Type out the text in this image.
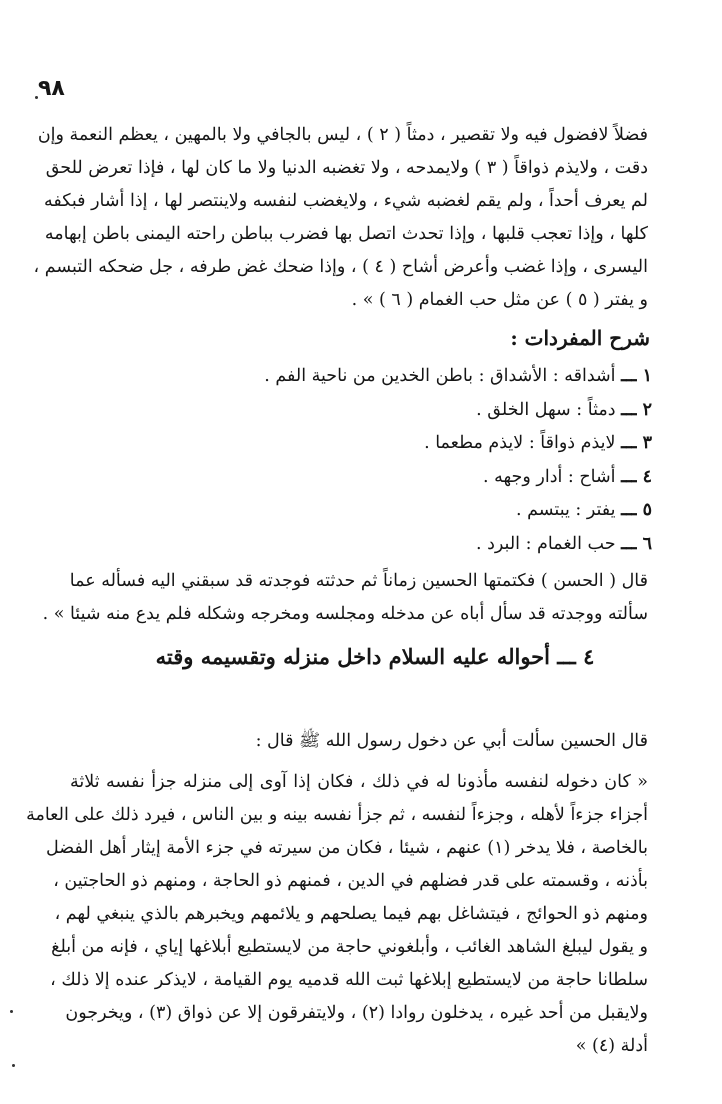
٩٨
فضلاً لافضول فيه ولا تقصير ، دمثاً ( ٢ ) ، ليس بالجافي ولا بالمهين ، يعظم النعمة وإن
دقت ، ولايذم ذواقاً ( ٣ ) ولايمدحه ، ولا تغضبه الدنيا ولا ما كان لها ، فإذا تعرض للحق
لم يعرف أحداً ، ولم يقم لغضبه شيء ، ولايغضب لنفسه ولاينتصر لها ، إذا أشار فبكفه
كلها ، وإذا تعجب قلبها ، وإذا تحدث اتصل بها فضرب بباطن راحته اليمنى باطن إبهامه
اليسرى ، وإذا غضب وأعرض أشاح ( ٤ ) ، وإذا ضحك غض طرفه ، جل ضحكه التبسم ،
و يفتر ( ٥ ) عن مثل حب الغمام ( ٦ ) » .
شرح المفردات :
١ ـــ أشداقه : الأشداق : باطن الخدين من ناحية الفم .
٢ ـــ دمثاً : سهل الخلق .
٣ ـــ لايذم ذواقاً : لايذم مطعما .
٤ ـــ أشاح : أدار وجهه .
٥ ـــ يفتر : يبتسم .
٦ ـــ حب الغمام : البرد .
قال ( الحسن ) فكتمتها الحسين زماناً ثم حدثته فوجدته قد سبقني اليه فسأله عما
سألته ووجدته قد سأل أباه عن مدخله ومجلسه ومخرجه وشكله فلم يدع منه شيئا » .
٤ ـــ أحواله عليه السلام داخل منزله وتقسيمه وقته
قال الحسين سألت أبي عن دخول رسول الله ﷺ قال :
« كان دخوله لنفسه مأذونا له في ذلك ، فكان إذا آوى إلى منزله جزأ نفسه ثلاثة
أجزاء جزءاً لأهله ، وجزءاً لنفسه ، ثم جزأ نفسه بينه و بين الناس ، فيرد ذلك على العامة
بالخاصة ، فلا يدخر (١) عنهم ، شيئا ، فكان من سيرته في جزء الأمة إيثار أهل الفضل
بأذنه ، وقسمته على قدر فضلهم في الدين ، فمنهم ذو الحاجة ، ومنهم ذو الحاجتين ،
ومنهم ذو الحوائج ، فيتشاغل بهم فيما يصلحهم و يلائمهم ويخبرهم بالذي ينبغي لهم ،
و يقول ليبلغ الشاهد الغائب ، وأبلغوني حاجة من لايستطيع أبلاغها إياي ، فإنه من أبلغ
سلطانا حاجة من لايستطيع إبلاغها ثبت الله قدميه يوم القيامة ، لايذكر عنده إلا ذلك ،
ولايقبل من أحد غيره ، يدخلون روادا (٢) ، ولايتفرقون إلا عن ذواق (٣) ، ويخرجون
أدلة (٤) »
